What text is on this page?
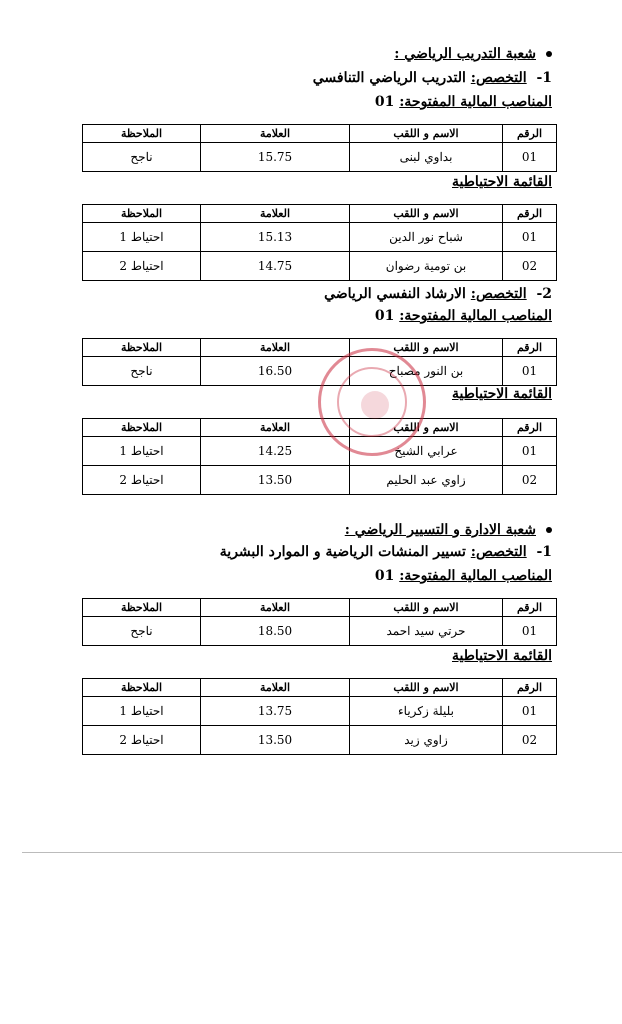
شعبة التدريب الرياضي :
1-  التخصص: التدريب الرياضي التنافسي
المناصب المالية المفتوحة: 01
الرقم	الاسم و اللقب	العلامة	الملاحظة
01	بداوي لبنى	15.75	ناجح
القائمة الاحتياطية
الرقم	الاسم و اللقب	العلامة	الملاحظة
01	شباح نور الدين	15.13	احتياط 1
02	بن تومية رضوان	14.75	احتياط 2
2-  التخصص: الارشاد النفسي الرياضي
المناصب المالية المفتوحة: 01
الرقم	الاسم و اللقب	العلامة	الملاحظة
01	بن النور مصباح	16.50	ناجح
القائمة الاحتياطية
الرقم	الاسم و اللقب	العلامة	الملاحظة
01	عرابي الشيخ	14.25	احتياط 1
02	زاوي عبد الحليم	13.50	احتياط 2
شعبة الادارة و التسيير الرياضي :
1-  التخصص: تسيير المنشات الرياضية و الموارد البشرية
المناصب المالية المفتوحة: 01
الرقم	الاسم و اللقب	العلامة	الملاحظة
01	حرتي سيد احمد	18.50	ناجح
القائمة الاحتياطية
الرقم	الاسم و اللقب	العلامة	الملاحظة
01	بليلة زكرياء	13.75	احتياط 1
02	زاوي زيد	13.50	احتياط 2
